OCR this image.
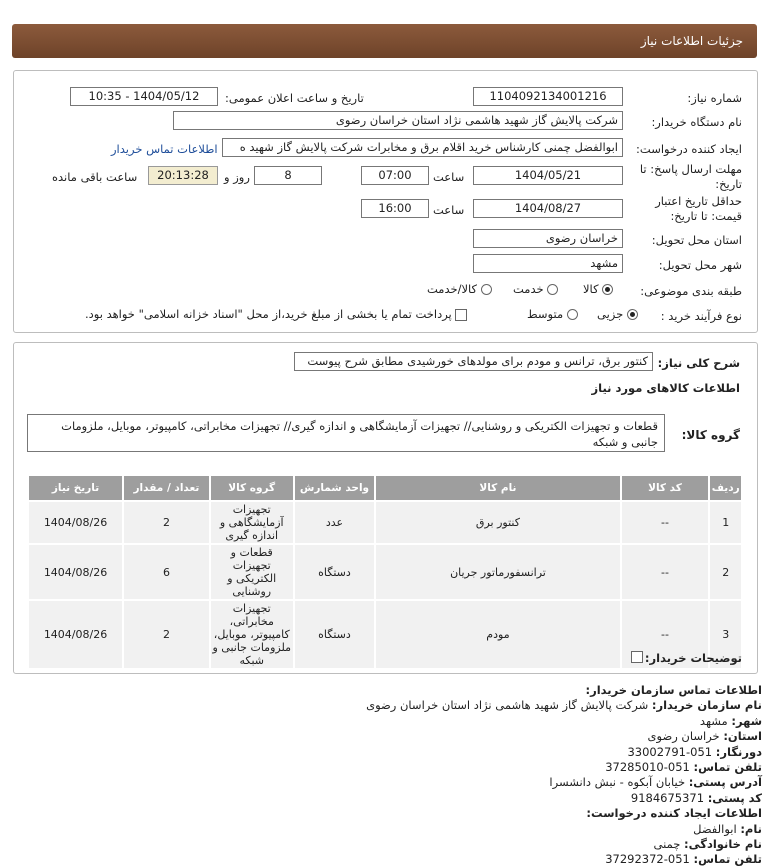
جزئیات اطلاعات نیاز
شماره نیاز:
1104092134001216
تاریخ و ساعت اعلان عمومی:
1404/05/12 - 10:35
نام دستگاه خریدار:
شرکت پالایش گاز شهید هاشمی نژاد استان خراسان رضوی
ایجاد کننده درخواست:
ابوالفضل چمنی کارشناس خرید اقلام برق و مخابرات شرکت پالایش گاز شهید ه
اطلاعات تماس خریدار
مهلت ارسال پاسخ: تا
تاریخ:
1404/05/21
ساعت
07:00
8
روز و
20:13:28
ساعت باقی مانده
حداقل تاریخ اعتبار
قیمت: تا تاریخ:
1404/08/27
ساعت
16:00
استان محل تحویل:
خراسان رضوی
شهر محل تحویل:
مشهد
طبقه بندی موضوعی:
کالا
خدمت
کالا/خدمت
نوع فرآیند خرید :
جزیی
متوسط
پرداخت تمام یا بخشی از مبلغ خرید،از محل "اسناد خزانه اسلامی" خواهد بود.
شرح کلی نیاز:
کنتور برق، ترانس و مودم برای مولدهای خورشیدی مطابق شرح پیوست
اطلاعات کالاهای مورد نیاز
گروه کالا:
قطعات و تجهیزات الکتریکی و روشنایی// تجهیزات آزمایشگاهی و اندازه گیری// تجهیزات مخابراتی، کامپیوتر، موبایل، ملزومات جانبی و شبکه
ردیف	کد کالا	نام کالا	واحد شمارش	گروه کالا	تعداد / مقدار	تاریخ نیاز
1	--	کنتور برق	عدد	تجهیزات آزمایشگاهی و اندازه گیری	2	1404/08/26
2	--	ترانسفورماتور جریان	دستگاه	قطعات و تجهیزات الکتریکی و روشنایی	6	1404/08/26
3	--	مودم	دستگاه	تجهیزات مخابراتی، کامپیوتر، موبایل، ملزومات جانبی و شبکه	2	1404/08/26
توضیحات خریدار:
اطلاعات تماس سازمان خریدار:
نام سازمان خریدار: شرکت پالایش گاز شهید هاشمی نژاد استان خراسان رضوی
شهر: مشهد
استان: خراسان رضوی
دورنگار: 051-33002791
تلفن تماس: 051-37285010
آدرس پستی: خیابان آبکوه - نبش دانشسرا
کد پستی: 9184675371
اطلاعات ایجاد کننده درخواست:
نام: ابوالفضل
نام خانوادگی: چمنی
تلفن تماس: 051-37292372
